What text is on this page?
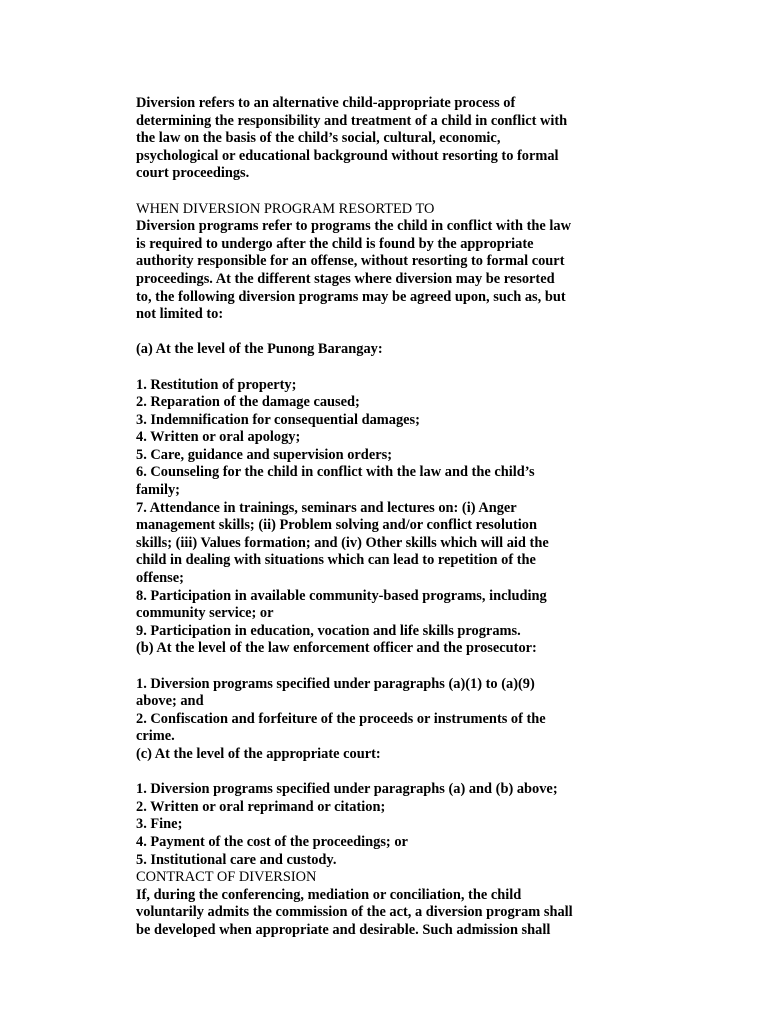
Diversion refers to an alternative child-appropriate process of
determining the responsibility and treatment of a child in conflict with
the law on the basis of the child’s social, cultural, economic,
psychological or educational background without resorting to formal
court proceedings.
WHEN DIVERSION PROGRAM RESORTED TO
Diversion programs refer to programs the child in conflict with the law
is required to undergo after the child is found by the appropriate
authority responsible for an offense, without resorting to formal court
proceedings. At the different stages where diversion may be resorted
to, the following diversion programs may be agreed upon, such as, but
not limited to:
(a) At the level of the Punong Barangay:
1. Restitution of property;
2. Reparation of the damage caused;
3. Indemnification for consequential damages;
4. Written or oral apology;
5. Care, guidance and supervision orders;
6. Counseling for the child in conflict with the law and the child’s
family;
7. Attendance in trainings, seminars and lectures on: (i) Anger
management skills; (ii) Problem solving and/or conflict resolution
skills; (iii) Values formation; and (iv) Other skills which will aid the
child in dealing with situations which can lead to repetition of the
offense;
8. Participation in available community-based programs, including
community service; or
9. Participation in education, vocation and life skills programs.
(b) At the level of the law enforcement officer and the prosecutor:
1. Diversion programs specified under paragraphs (a)(1) to (a)(9)
above; and
2. Confiscation and forfeiture of the proceeds or instruments of the
crime.
(c) At the level of the appropriate court:
1. Diversion programs specified under paragraphs (a) and (b) above;
2. Written or oral reprimand or citation;
3. Fine;
4. Payment of the cost of the proceedings; or
5. Institutional care and custody.
CONTRACT OF DIVERSION
If, during the conferencing, mediation or conciliation, the child
voluntarily admits the commission of the act, a diversion program shall
be developed when appropriate and desirable. Such admission shall
